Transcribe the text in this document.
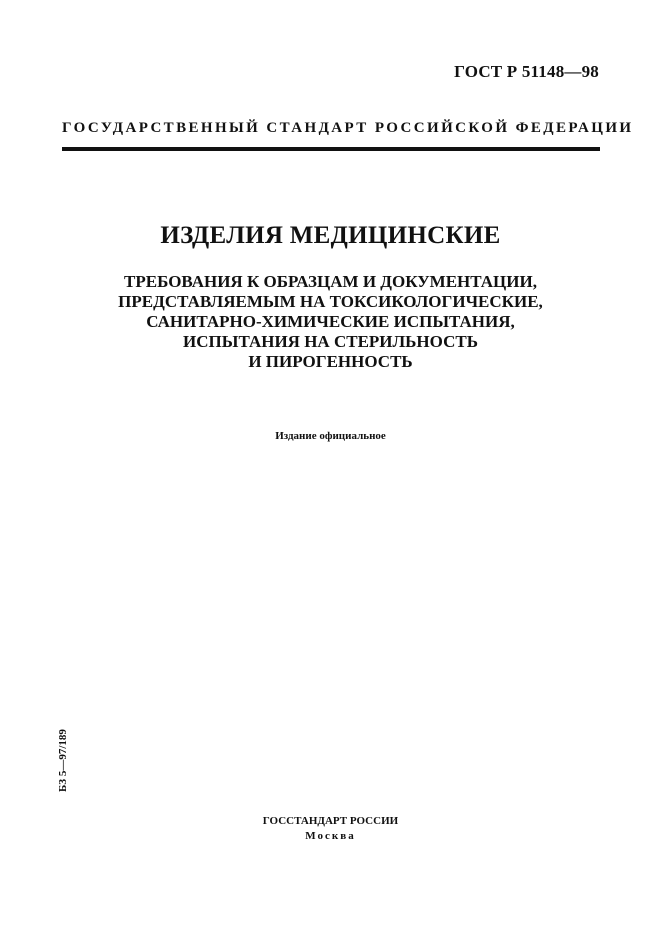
ГОСТ Р 51148—98
ГОСУДАРСТВЕННЫЙ СТАНДАРТ РОССИЙСКОЙ ФЕДЕРАЦИИ
ИЗДЕЛИЯ МЕДИЦИНСКИЕ
ТРЕБОВАНИЯ К ОБРАЗЦАМ И ДОКУМЕНТАЦИИ,
ПРЕДСТАВЛЯЕМЫМ НА ТОКСИКОЛОГИЧЕСКИЕ,
САНИТАРНО-ХИМИЧЕСКИЕ ИСПЫТАНИЯ,
ИСПЫТАНИЯ НА СТЕРИЛЬНОСТЬ
И ПИРОГЕННОСТЬ
Издание официальное
БЗ 5—97/189
ГОССТАНДАРТ РОССИИ
Москва
